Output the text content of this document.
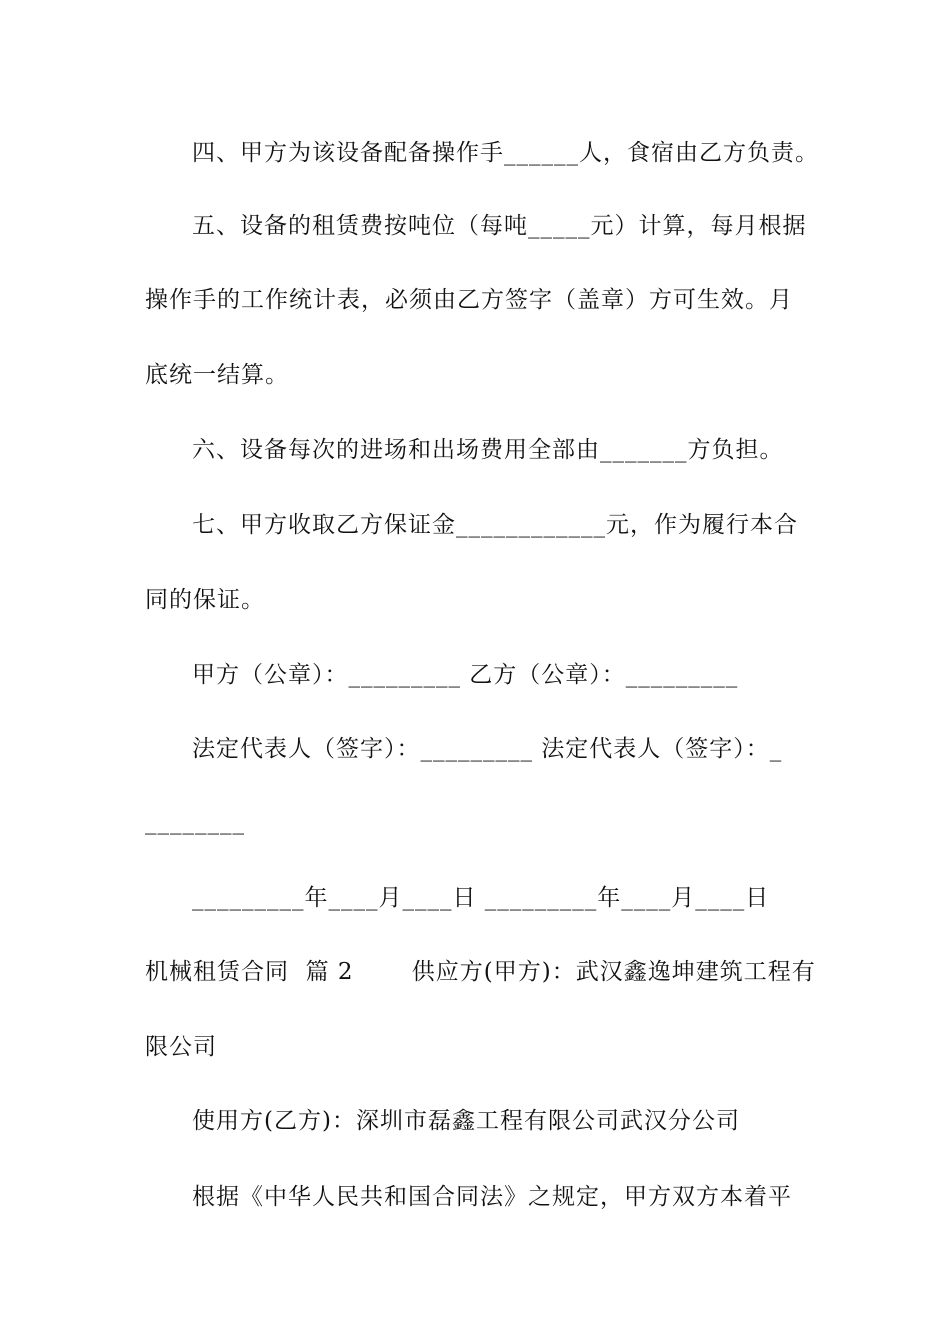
四、甲方为该设备配备操作手______人，食宿由乙方负责。
五、设备的租赁费按吨位（每吨_____元）计算，每月根据
操作手的工作统计表，必须由乙方签字（盖章）方可生效。月
底统一结算。
六、设备每次的进场和出场费用全部由_______方负担。
七、甲方收取乙方保证金____________元，作为履行本合
同的保证。
甲方（公章）：_________ 乙方（公章）：_________
法定代表人（签字）：_________ 法定代表人（签字）：_
________
_________年____月____日 _________年____月____日
机械租赁合同  篇 2       供应方(甲方)：武汉鑫逸坤建筑工程有
限公司
使用方(乙方)：深圳市磊鑫工程有限公司武汉分公司
根据《中华人民共和国合同法》之规定，甲方双方本着平
